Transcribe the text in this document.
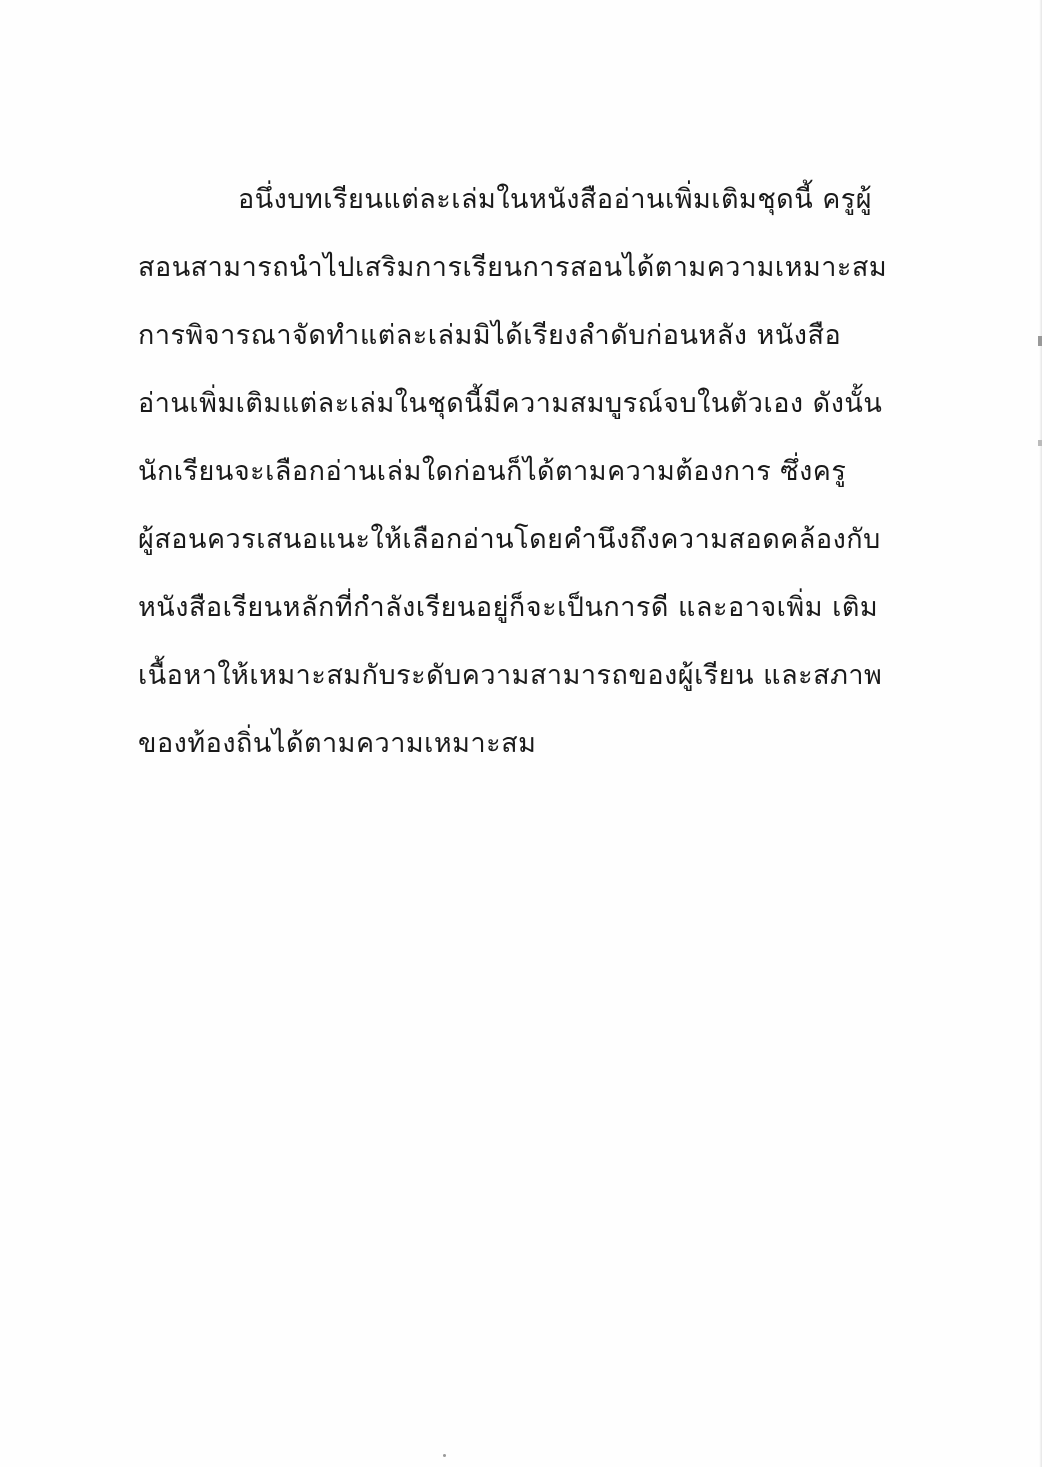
อนึ่งบทเรียนแต่ละเล่มในหนังสืออ่านเพิ่มเติมชุดนี้ ครูผู้
สอนสามารถนำไปเสริมการเรียนการสอนได้ตามความเหมาะสม
การพิจารณาจัดทำแต่ละเล่มมิได้เรียงลำดับก่อนหลัง หนังสือ
อ่านเพิ่มเติมแต่ละเล่มในชุดนี้มีความสมบูรณ์จบในตัวเอง ดังนั้น
นักเรียนจะเลือกอ่านเล่มใดก่อนก็ได้ตามความต้องการ ซึ่งครู
ผู้สอนควรเสนอแนะให้เลือกอ่านโดยคำนึงถึงความสอดคล้องกับ
หนังสือเรียนหลักที่กำลังเรียนอยู่ก็จะเป็นการดี และอาจเพิ่ม เติม
เนื้อหาให้เหมาะสมกับระดับความสามารถของผู้เรียน และสภาพ
ของท้องถิ่นได้ตามความเหมาะสม
